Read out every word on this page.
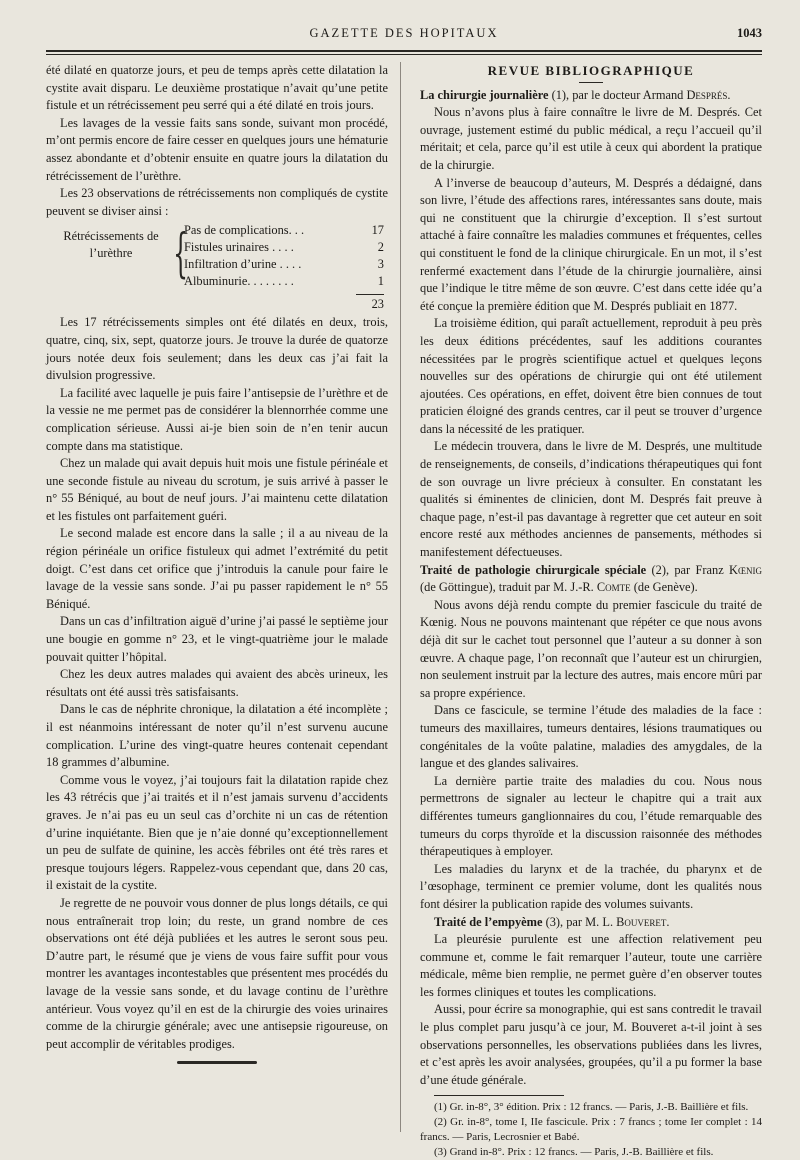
GAZETTE DES HOPITAUX	1043

été dilaté en quatorze jours, et peu de temps après cette dilatation la cystite avait disparu. Le deuxième prostatique n’avait qu’une petite fistule et un rétrécissement peu serré qui a été dilaté en trois jours.

Les lavages de la vessie faits sans sonde, suivant mon procédé, m’ont permis encore de faire cesser en quelques jours une hématurie assez abondante et d’obtenir ensuite en quatre jours la dilatation du rétrécissement de l’urèthre.

Les 23 observations de rétrécissements non compliqués de cystite peuvent se diviser ainsi :

Rétrécissements de l’urèthre {
Pas de complications. . .	17
Fistules urinaires . . . .	2
Infiltration d’urine . . . .	3
Albuminurie. . . . . . . .	1
23

Les 17 rétrécissements simples ont été dilatés en deux, trois, quatre, cinq, six, sept, quatorze jours. Je trouve la durée de quatorze jours notée deux fois seulement; dans les deux cas j’ai fait la divulsion progressive.

La facilité avec laquelle je puis faire l’antisepsie de l’urèthre et de la vessie ne me permet pas de considérer la blennorrhée comme une complication sérieuse. Aussi ai-je bien soin de n’en tenir aucun compte dans ma statistique.

Chez un malade qui avait depuis huit mois une fistule périnéale et une seconde fistule au niveau du scrotum, je suis arrivé à passer le n° 55 Béniqué, au bout de neuf jours. J’ai maintenu cette dilatation et les fistules ont parfaitement guéri.

Le second malade est encore dans la salle ; il a au niveau de la région périnéale un orifice fistuleux qui admet l’extrémité du petit doigt. C’est dans cet orifice que j’introduis la canule pour faire le lavage de la vessie sans sonde. J’ai pu passer rapidement le n° 55 Béniqué.

Dans un cas d’infiltration aiguë d’urine j’ai passé le septième jour une bougie en gomme n° 23, et le vingt-quatrième jour le malade pouvait quitter l’hôpital.

Chez les deux autres malades qui avaient des abcès urineux, les résultats ont été aussi très satisfaisants.

Dans le cas de néphrite chronique, la dilatation a été incomplète ; il est néanmoins intéressant de noter qu’il n’est survenu aucune complication. L’urine des vingt-quatre heures contenait cependant 18 grammes d’albumine.

Comme vous le voyez, j’ai toujours fait la dilatation rapide chez les 43 rétrécis que j’ai traités et il n’est jamais survenu d’accidents graves. Je n’ai pas eu un seul cas d’orchite ni un cas de rétention d’urine inquiétante. Bien que je n’aie donné qu’exceptionnellement un peu de sulfate de quinine, les accès fébriles ont été très rares et presque toujours légers. Rappelez-vous cependant que, dans 20 cas, il existait de la cystite.

Je regrette de ne pouvoir vous donner de plus longs détails, ce qui nous entraînerait trop loin; du reste, un grand nombre de ces observations ont été déjà publiées et les autres le seront sous peu. D’autre part, le résumé que je viens de vous faire suffit pour vous montrer les avantages incontestables que présentent mes procédés du lavage de la vessie sans sonde, et du lavage continu de l’urèthre antérieur. Vous voyez qu’il en est de la chirurgie des voies urinaires comme de la chirurgie générale; avec une antisepsie rigoureuse, on peut accomplir de véritables prodiges.

REVUE BIBLIOGRAPHIQUE

La chirurgie journalière (1), par le docteur Armand Després.

Nous n’avons plus à faire connaître le livre de M. Després. Cet ouvrage, justement estimé du public médical, a reçu l’accueil qu’il méritait; et cela, parce qu’il est utile à ceux qui abordent la pratique de la chirurgie.

A l’inverse de beaucoup d’auteurs, M. Després a dédaigné, dans son livre, l’étude des affections rares, intéressantes sans doute, mais qui ne constituent que la chirurgie d’exception. Il s’est surtout attaché à faire connaître les maladies communes et fréquentes, celles qui constituent le fond de la clinique chirurgicale. En un mot, il s’est renfermé exactement dans l’étude de la chirurgie journalière, ainsi que l’indique le titre même de son œuvre. C’est dans cette idée qu’a été conçue la première édition que M. Després publiait en 1877.

La troisième édition, qui paraît actuellement, reproduit à peu près les deux éditions précédentes, sauf les additions courantes nécessitées par le progrès scientifique actuel et quelques leçons nouvelles sur des opérations de chirurgie qui ont été utilement ajoutées. Ces opérations, en effet, doivent être bien connues de tout praticien éloigné des grands centres, car il peut se trouver d’urgence dans la nécessité de les pratiquer.

Le médecin trouvera, dans le livre de M. Després, une multitude de renseignements, de conseils, d’indications thérapeutiques qui font de son ouvrage un livre précieux à consulter. En constatant les qualités si éminentes de clinicien, dont M. Després fait preuve à chaque page, n’est-il pas davantage à regretter que cet auteur en soit encore resté aux méthodes anciennes de pansements, méthodes si manifestement défectueuses.

Traité de pathologie chirurgicale spéciale (2), par Franz Kœnig (de Göttingue), traduit par M. J.-R. Comte (de Genève).

Nous avons déjà rendu compte du premier fascicule du traité de Kœnig. Nous ne pouvons maintenant que répéter ce que nous avons déjà dit sur le cachet tout personnel que l’auteur a su donner à son œuvre. A chaque page, l’on reconnaît que l’auteur est un chirurgien, non seulement instruit par la lecture des autres, mais encore mûri par sa propre expérience.

Dans ce fascicule, se termine l’étude des maladies de la face : tumeurs des maxillaires, tumeurs dentaires, lésions traumatiques ou congénitales de la voûte palatine, maladies des amygdales, de la langue et des glandes salivaires.

La dernière partie traite des maladies du cou. Nous nous permettrons de signaler au lecteur le chapitre qui a trait aux différentes tumeurs ganglionnaires du cou, l’étude remarquable des tumeurs du corps thyroïde et la discussion raisonnée des méthodes thérapeutiques à employer.

Les maladies du larynx et de la trachée, du pharynx et de l’œsophage, terminent ce premier volume, dont les qualités nous font désirer la publication rapide des volumes suivants.

Traité de l’empyème (3), par M. L. Bouveret.

La pleurésie purulente est une affection relativement peu commune et, comme le fait remarquer l’auteur, toute une carrière médicale, même bien remplie, ne permet guère d’en observer toutes les formes cliniques et toutes les complications.

Aussi, pour écrire sa monographie, qui est sans contredit le travail le plus complet paru jusqu’à ce jour, M. Bouveret a-t-il joint à ses observations personnelles, les observations publiées dans les livres, et c’est après les avoir analysées, groupées, qu’il a pu former la base d’une étude générale.

(1) Gr. in-8°, 3° édition. Prix : 12 francs. — Paris, J.-B. Baillière et fils.

(2) Gr. in-8°, tome I, IIe fascicule. Prix : 7 francs ; tome Ier complet : 14 francs. — Paris, Lecrosnier et Babé.

(3) Grand in-8°. Prix : 12 francs. — Paris, J.-B. Baillière et fils.
